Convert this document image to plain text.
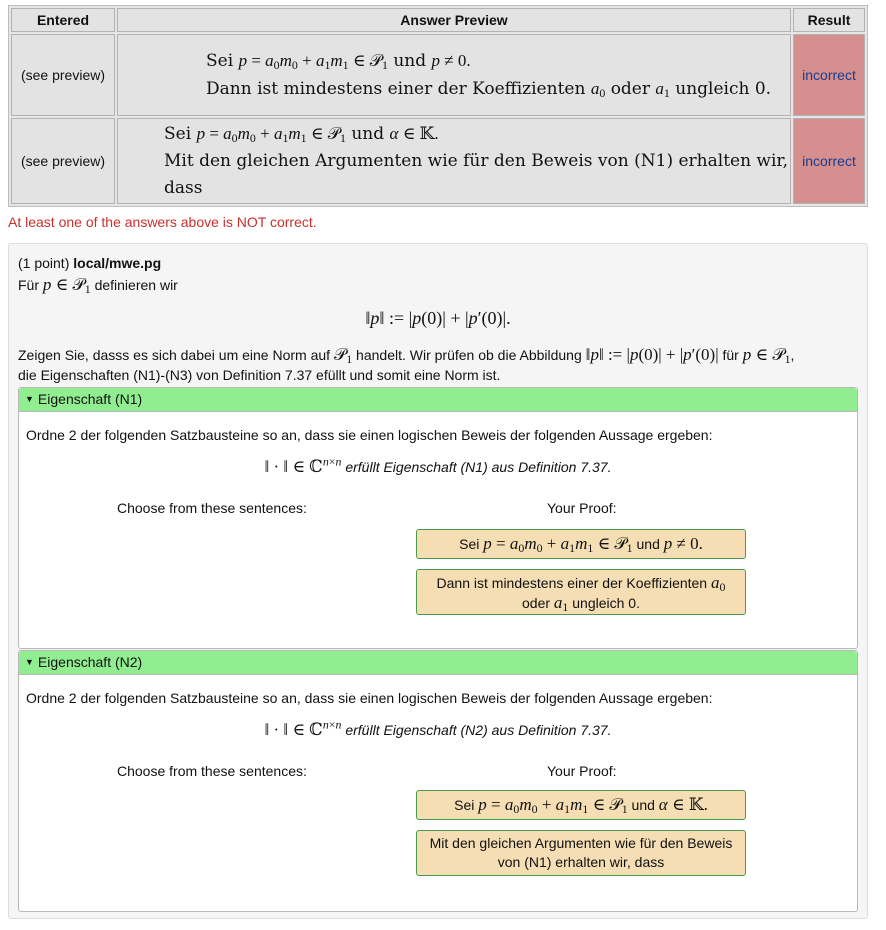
Entered	Answer Preview	Result
(see preview)	Sei $p = a_0m_0 + a_1m_1$ ∈ 𝒫$_1$ und p ≠ 0.
Dann ist mindestens einer der Koeffizienten $a_0$ oder $a_1$ ungleich 0.	incorrect
(see preview)	Sei $p = a_0m_0 + a_1m_1$ ∈ 𝒫$_1$ und α ∈ 𝕂.
Mit den gleichen Argumenten wie für den Beweis von (N1) erhalten wir, dass	incorrect
At least one of the answers above is NOT correct.
(1 point) local/mwe.pg
Für p ∈ 𝒫$_1$ definieren wir
‖p‖ := |p(0)| + |p′(0)|.
Zeigen Sie, dasss es sich dabei um eine Norm auf 𝒫$_1$ handelt. Wir prüfen ob die Abbildung ‖p‖ := |p(0)| + |p′(0)| für p ∈ 𝒫$_1$,
die Eigenschaften (N1)-(N3) von Definition 7.37 efüllt und somit eine Norm ist.
▼ Eigenschaft (N1)
Ordne 2 der folgenden Satzbausteine so an, dass sie einen logischen Beweis der folgenden Aussage ergeben:
‖ · ‖ ∈ ℂ$^{n\times n}$ erfüllt Eigenschaft (N1) aus Definition 7.37.
Choose from these sentences:	Your Proof:
Sei $p = a_0m_0 + a_1m_1$ ∈ 𝒫$_1$ und p ≠ 0.
Dann ist mindestens einer der Koeffizienten $a_0$
oder $a_1$ ungleich 0.
▼ Eigenschaft (N2)
Ordne 2 der folgenden Satzbausteine so an, dass sie einen logischen Beweis der folgenden Aussage ergeben:
‖ · ‖ ∈ ℂ$^{n\times n}$ erfüllt Eigenschaft (N2) aus Definition 7.37.
Choose from these sentences:	Your Proof:
Sei $p = a_0m_0 + a_1m_1$ ∈ 𝒫$_1$ und α ∈ 𝕂.
Mit den gleichen Argumenten wie für den Beweis
von (N1) erhalten wir, dass
